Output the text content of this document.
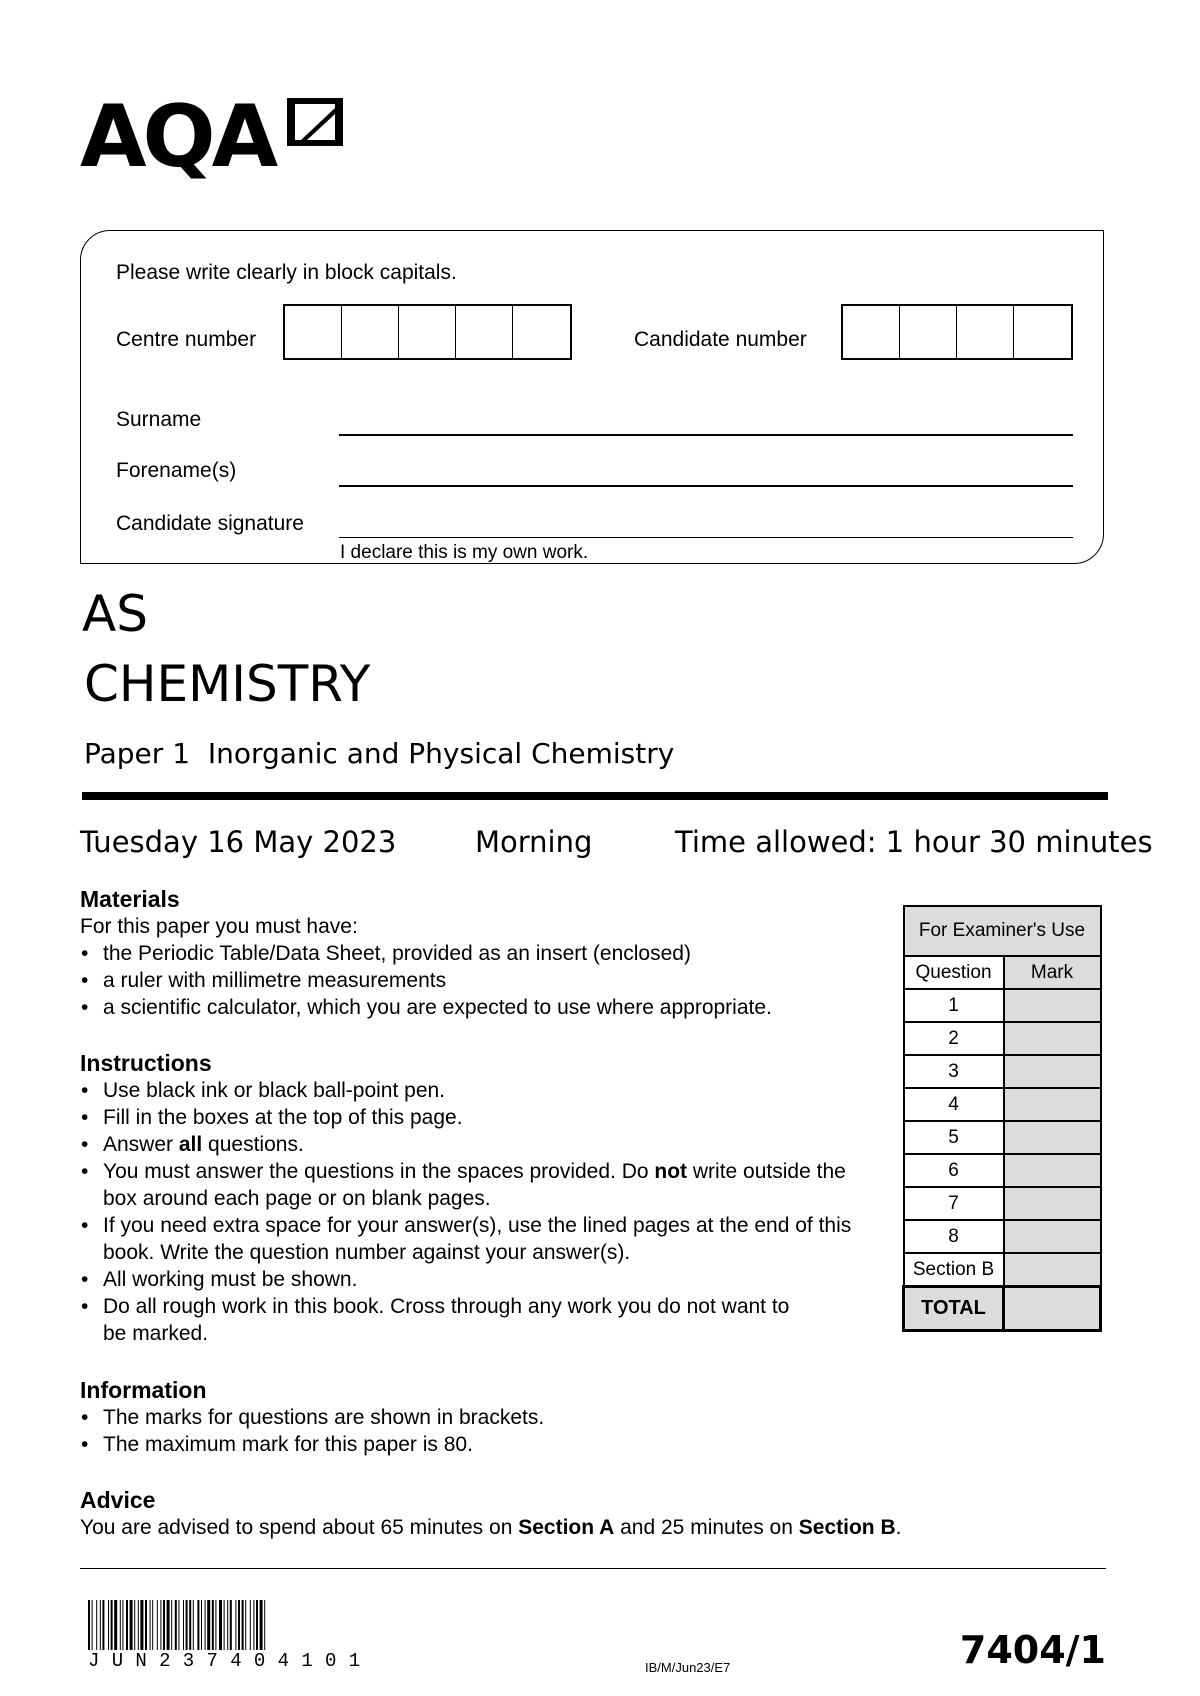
AQA
Please write clearly in block capitals.
Centre number	Candidate number
Surname
Forename(s)
Candidate signature
I declare this is my own work.
AS
CHEMISTRY
Paper 1  Inorganic and Physical Chemistry
Tuesday 16 May 2023	Morning	Time allowed: 1 hour 30 minutes
Materials
For this paper you must have:
• the Periodic Table/Data Sheet, provided as an insert (enclosed)
• a ruler with millimetre measurements
• a scientific calculator, which you are expected to use where appropriate.
Instructions
• Use black ink or black ball-point pen.
• Fill in the boxes at the top of this page.
• Answer all questions.
• You must answer the questions in the spaces provided. Do not write outside the box around each page or on blank pages.
• If you need extra space for your answer(s), use the lined pages at the end of this book. Write the question number against your answer(s).
• All working must be shown.
• Do all rough work in this book. Cross through any work you do not want to be marked.
Information
• The marks for questions are shown in brackets.
• The maximum mark for this paper is 80.
Advice
You are advised to spend about 65 minutes on Section A and 25 minutes on Section B.
For Examiner's Use	
Question	Mark
1	
2	
3	
4	
5	
6	
7	
8	
Section B	
TOTAL	
JUN237404101	IB/M/Jun23/E7	7404/1
